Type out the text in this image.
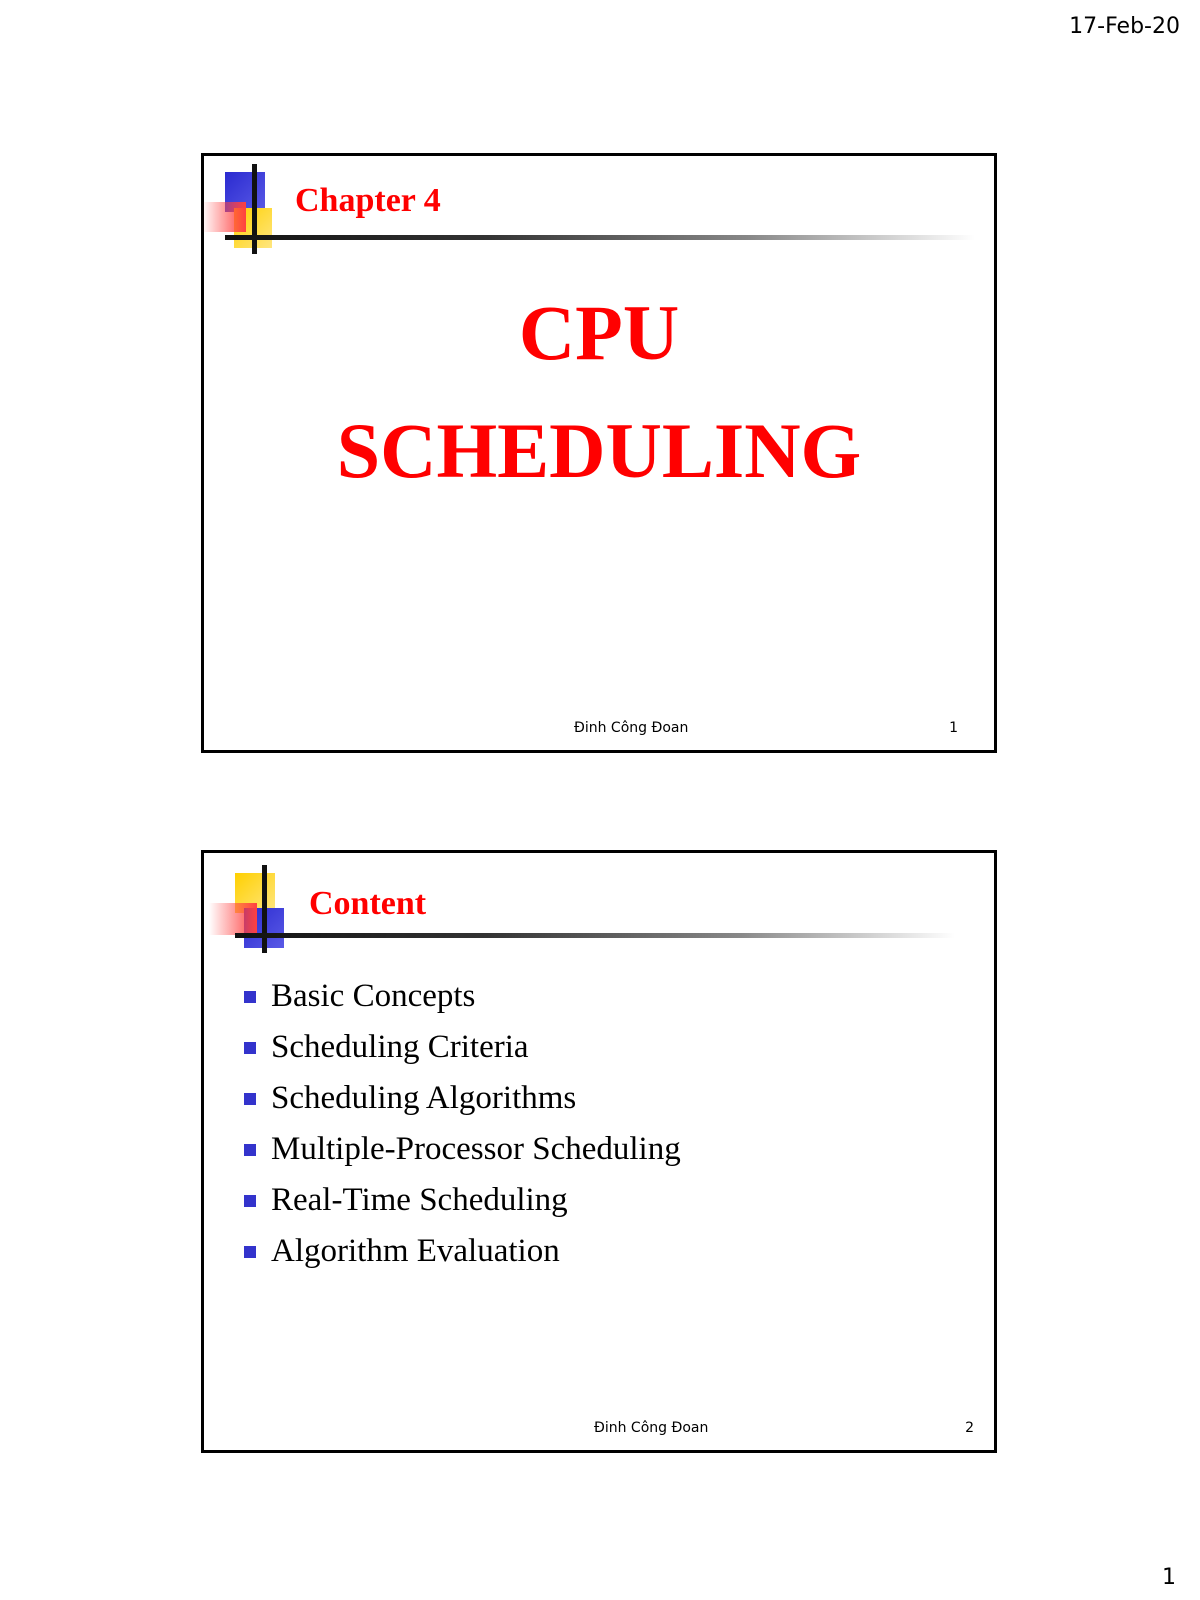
17-Feb-20
Chapter 4
CPU
SCHEDULING
Đinh Công Đoan	1
Content
Basic Concepts
Scheduling Criteria
Scheduling Algorithms
Multiple-Processor Scheduling
Real-Time Scheduling
Algorithm Evaluation
Đinh Công Đoan	2
1
